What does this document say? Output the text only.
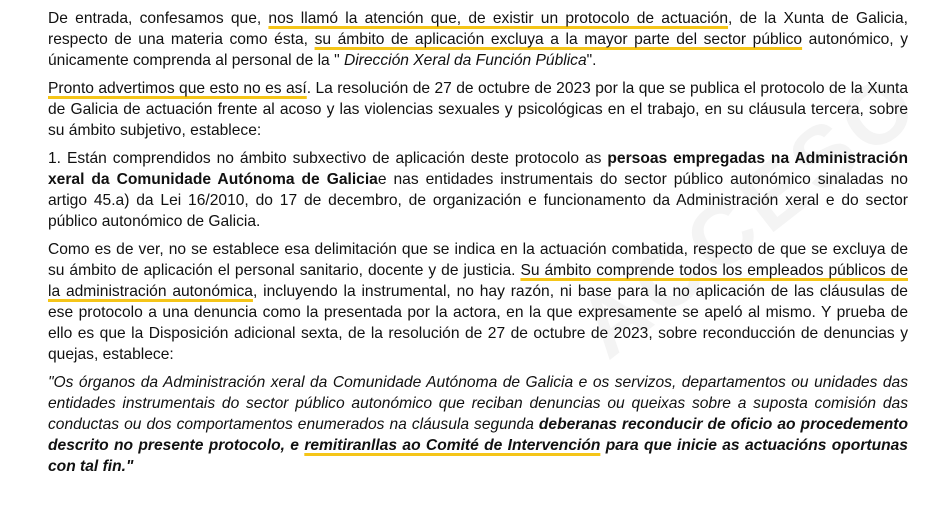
De entrada, confesamos que, nos llamó la atención que, de existir un protocolo de actuación, de la Xunta de Galicia, respecto de una materia como ésta, su ámbito de aplicación excluya a la mayor parte del sector público autonómico, y únicamente comprenda al personal de la " Dirección Xeral da Función Pública".

Pronto advertimos que esto no es así. La resolución de 27 de octubre de 2023 por la que se publica el protocolo de la Xunta de Galicia de actuación frente al acoso y las violencias sexuales y psicológicas en el trabajo, en su cláusula tercera, sobre su ámbito subjetivo, establece:

1. Están comprendidos no ámbito subxectivo de aplicación deste protocolo as persoas empregadas na Administración xeral da Comunidade Autónoma de Galiciae nas entidades instrumentais do sector público autonómico sinaladas no artigo 45.a) da Lei 16/2010, do 17 de decembro, de organización e funcionamento da Administración xeral e do sector público autonómico de Galicia.

Como es de ver, no se establece esa delimitación que se indica en la actuación combatida, respecto de que se excluya de su ámbito de aplicación el personal sanitario, docente y de justicia. Su ámbito comprende todos los empleados públicos de la administración autonómica, incluyendo la instrumental, no hay razón, ni base para la no aplicación de las cláusulas de ese protocolo a una denuncia como la presentada por la actora, en la que expresamente se apeló al mismo. Y prueba de ello es que la Disposición adicional sexta, de la resolución de 27 de octubre de 2023, sobre reconducción de denuncias y quejas, establece:

"Os órganos da Administración xeral da Comunidade Autónoma de Galicia e os servizos, departamentos ou unidades das entidades instrumentais do sector público autonómico que reciban denuncias ou queixas sobre a suposta comisión das conductas ou dos comportamentos enumerados na cláusula segunda deberanas reconducir de oficio ao procedemento descrito no presente protocolo, e remitiranllas ao Comité de Intervención para que inicie as actuacións oportunas con tal fin."
